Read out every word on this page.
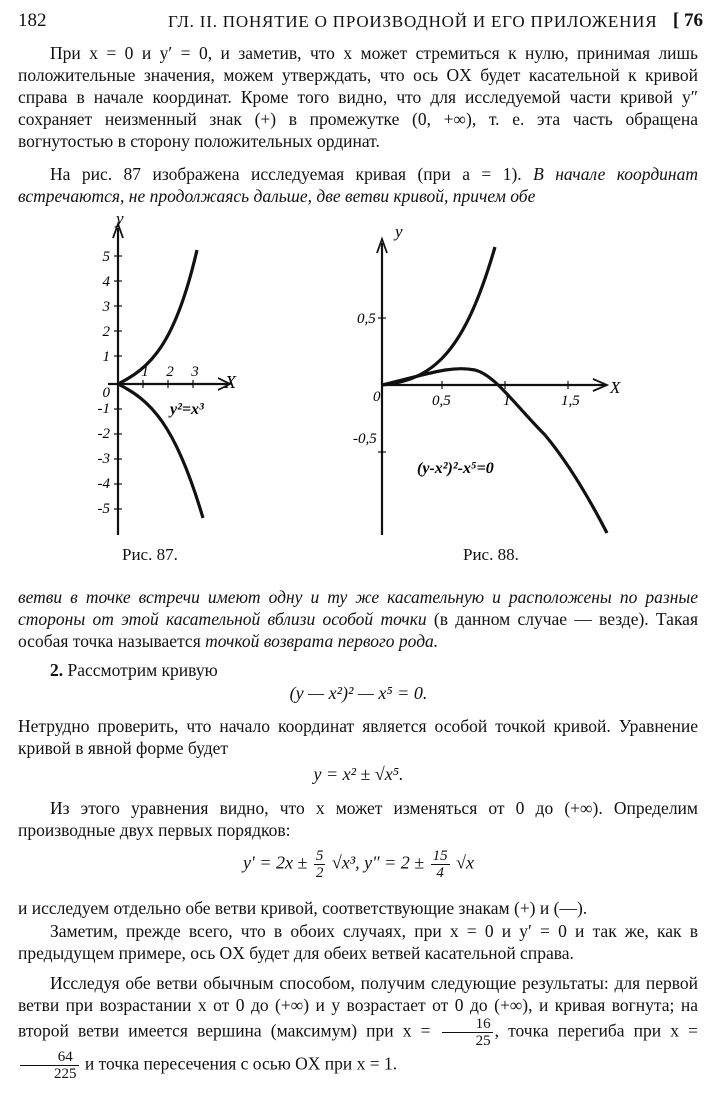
182	ГЛ. II. ПОНЯТИЕ О ПРОИЗВОДНОЙ И ЕГО ПРИЛОЖЕНИЯ [ 76
При x = 0 и y′ = 0, и заметив, что x может стремиться к нулю, принимая лишь положительные значения, можем утверждать, что ось OX будет касательной к кривой справа в начале координат. Кроме того видно, что для исследуемой части кривой y″ сохраняет неизменный знак (+) в промежутке (0, +∞), т. е. эта часть обращена вогнутостью в сторону положительных ординат.
На рис. 87 изображена исследуемая кривая (при a = 1). В начале координат встречаются, не продолжаясь дальше, две ветви кривой, причем обе
y
X
5
4
3
2
1
0
-1
-2
-3
-4
-5
1 2 3
y²=x³
Рис. 87.
y
X
0,5
-0,5
0	0,5	1	1,5
(y-x²)²-x⁵=0
Рис. 88.
ветви в точке встречи имеют одну и ту же касательную и расположены по разные стороны от этой касательной вблизи особой точки (в данном случае — везде). Такая особая точка называется точкой возврата первого рода.
2. Рассмотрим кривую
(y — x²)² — x⁵ = 0.
Нетрудно проверить, что начало координат является особой точкой кривой. Уравнение кривой в явной форме будет
y = x² ± √x⁵.
Из этого уравнения видно, что x может изменяться от 0 до (+∞). Определим производные двух первых порядков:
$y' = 2x \pm \frac{5}{2} √x^3$, $y'' = 2 \pm \frac{15}{4} √x$
и исследуем отдельно обе ветви кривой, соответствующие знакам (+) и (—).
Заметим, прежде всего, что в обоих случаях, при x = 0 и y′ = 0 и так же, как в предыдущем примере, ось OX будет для обеих ветвей касательной справа.
Исследуя обе ветви обычным способом, получим следующие результаты: для первой ветви при возрастании x от 0 до (+∞) и y возрастает от 0 до (+∞), и кривая вогнута; на второй ветви имеется вершина (максимум) при $x = \frac{16}{25}$ , точка перегиба при x =
$\frac{64}{225}$ и точка пересечения с осью OX при x = 1.
